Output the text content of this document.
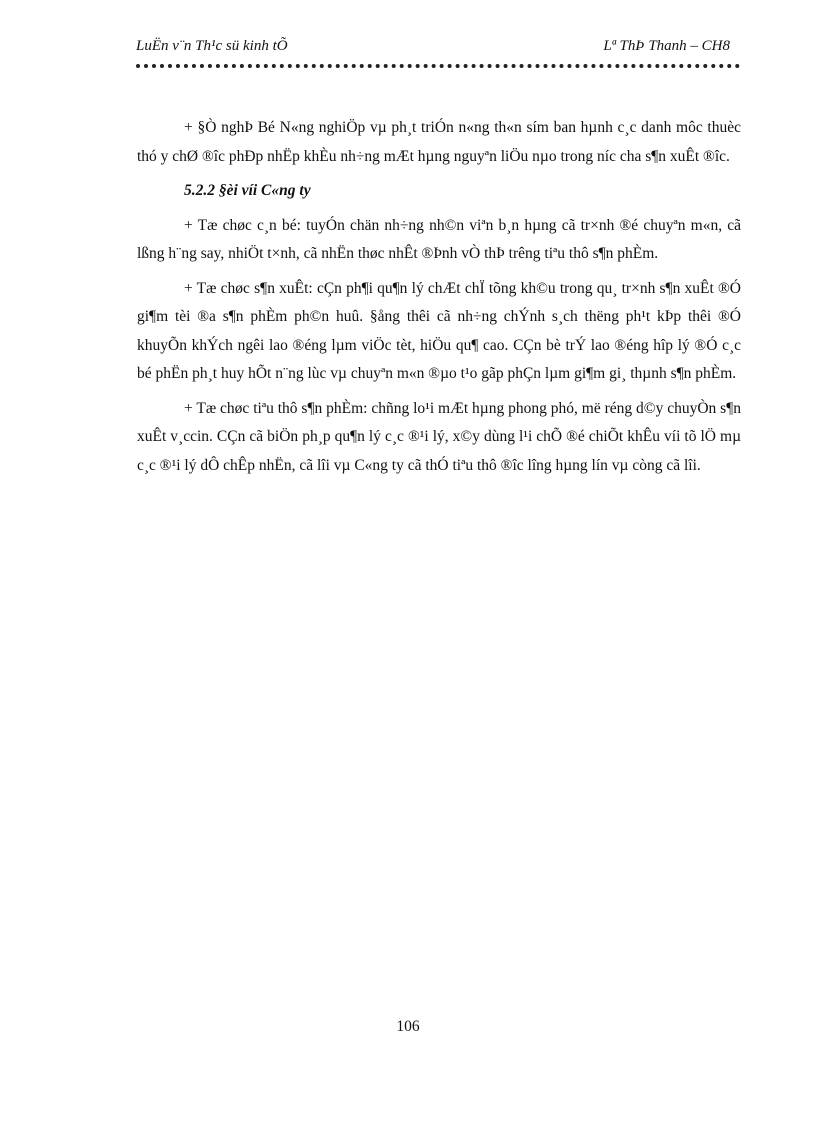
LuËn v¨n Th¹c sü kinh tÕ	Lª ThÞ Thanh – CH8

+ §Ò nghÞ Bé N«ng nghiÖp vµ ph¸t triÓn n«ng th«n sím ban hµnh c¸c danh môc thuèc thó y chØ ®îc phÐp nhËp khÈu nh÷ng mÆt hµng nguyªn liÖu nµo trong níc cha s¶n xuÊt ®îc.

5.2.2 §èi víi C«ng ty

+ Tæ chøc c¸n bé: tuyÓn chän nh÷ng nh©n viªn b¸n hµng cã tr×nh ®é chuyªn m«n, cã lßng h¨ng say, nhiÖt t×nh, cã nhËn thøc nhÊt ®Þnh vÒ thÞ trêng tiªu thô s¶n phÈm.

+ Tæ chøc s¶n xuÊt: cÇn ph¶i qu¶n lý chÆt chÏ tõng kh©u trong qu¸ tr×nh s¶n xuÊt ®Ó gi¶m tèi ®a s¶n phÈm ph©n huû. §ång thêi cã nh÷ng chÝnh s¸ch thëng ph¹t kÞp thêi ®Ó khuyÕn khÝch ngêi lao ®éng lµm viÖc tèt, hiÖu qu¶ cao. CÇn bè trÝ lao ®éng hîp lý ®Ó c¸c bé phËn ph¸t huy hÕt n¨ng lùc vµ chuyªn m«n ®µo t¹o gãp phÇn lµm gi¶m gi¸ thµnh s¶n phÈm.

+ Tæ chøc tiªu thô s¶n phÈm: chñng lo¹i mÆt hµng phong phó, më réng d©y chuyÒn s¶n xuÊt v¸ccin. CÇn cã biÖn ph¸p qu¶n lý c¸c ®¹i lý, x©y dùng l¹i chÕ ®é chiÕt khÊu víi tõ lÖ mµ c¸c ®¹i lý dÔ chÊp nhËn, cã lîi vµ C«ng ty cã thÓ tiªu thô ®îc lîng hµng lín vµ còng cã lîi.

106
